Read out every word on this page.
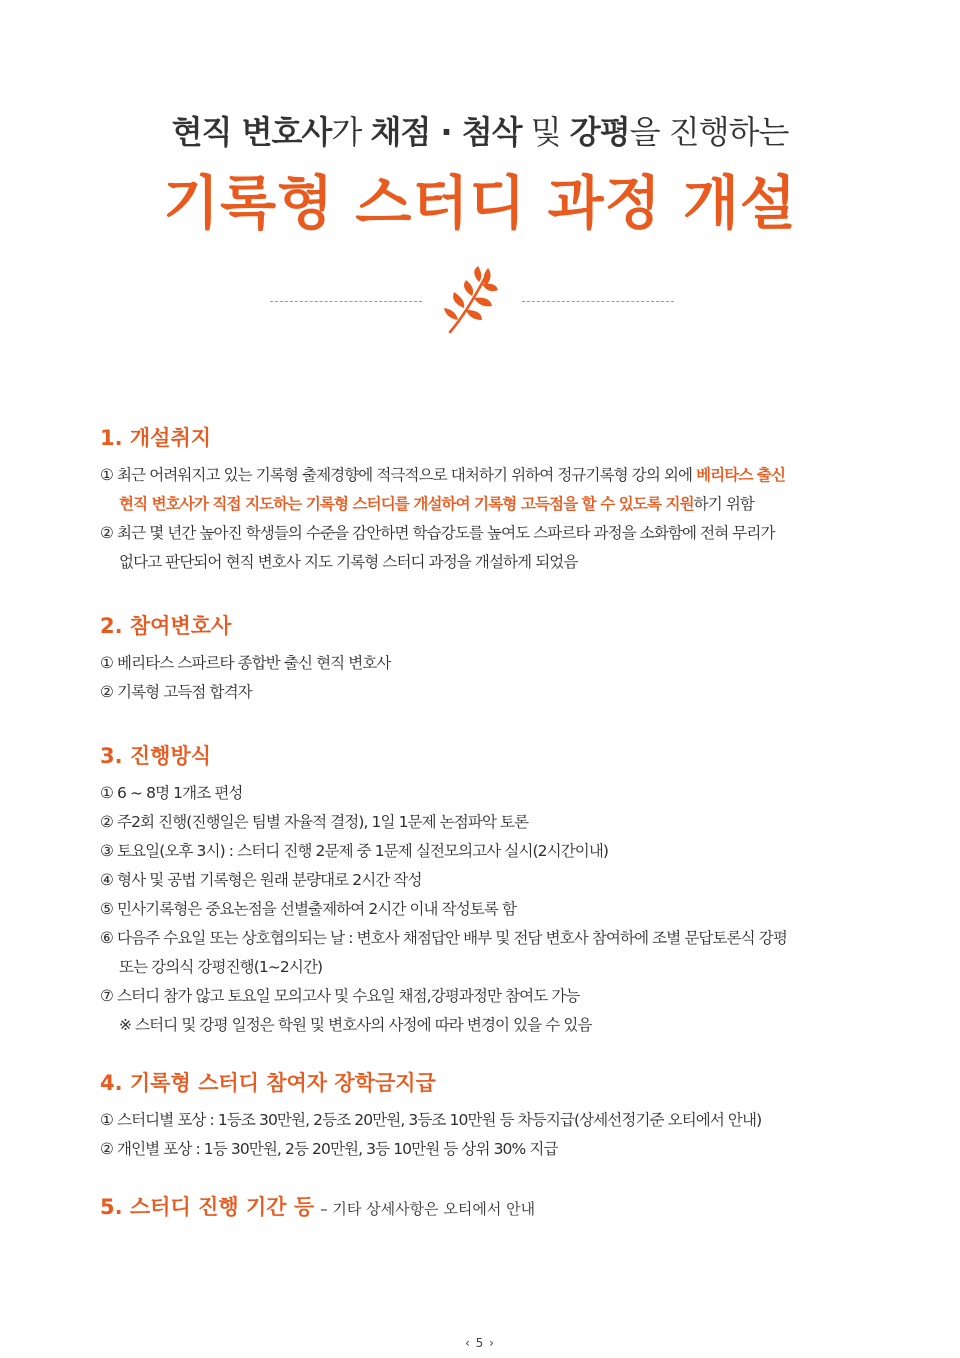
현직 변호사가 채점 · 첨삭 및 강평을 진행하는
기록형 스터디 과정 개설
1. 개설취지
① 최근 어려워지고 있는 기록형 출제경향에 적극적으로 대처하기 위하여 정규기록형 강의 외에 베리타스 출신
현직 변호사가 직접 지도하는 기록형 스터디를 개설하여 기록형 고득점을 할 수 있도록 지원하기 위함
② 최근 몇 년간 높아진 학생들의 수준을 감안하면 학습강도를 높여도 스파르타 과정을 소화함에 전혀 무리가
없다고 판단되어 현직 변호사 지도 기록형 스터디 과정을 개설하게 되었음
2. 참여변호사
① 베리타스 스파르타 종합반 출신 현직 변호사
② 기록형 고득점 합격자
3. 진행방식
① 6 ~ 8명 1개조 편성
② 주2회 진행(진행일은 팀별 자율적 결정), 1일 1문제 논점파악 토론
③ 토요일(오후 3시) : 스터디 진행 2문제 중 1문제 실전모의고사 실시(2시간이내)
④ 형사 및 공법 기록형은 원래 분량대로 2시간 작성
⑤ 민사기록형은 중요논점을 선별출제하여 2시간 이내 작성토록 함
⑥ 다음주 수요일 또는 상호협의되는 날 : 변호사 채점답안 배부 및 전담 변호사 참여하에 조별 문답토론식 강평
또는 강의식 강평진행(1~2시간)
⑦ 스터디 참가 않고 토요일 모의고사 및 수요일 채점,강평과정만 참여도 가능
※ 스터디 및 강평 일정은 학원 및 변호사의 사정에 따라 변경이 있을 수 있음
4. 기록형 스터디 참여자 장학금지급
① 스터디별 포상 : 1등조 30만원, 2등조 20만원, 3등조 10만원 등 차등지급(상세선정기준 오티에서 안내)
② 개인별 포상 : 1등 30만원, 2등 20만원, 3등 10만원 등 상위 30% 지급
5. 스터디 진행 기간 등 – 기타 상세사항은 오티에서 안내
‹ 5 ›
